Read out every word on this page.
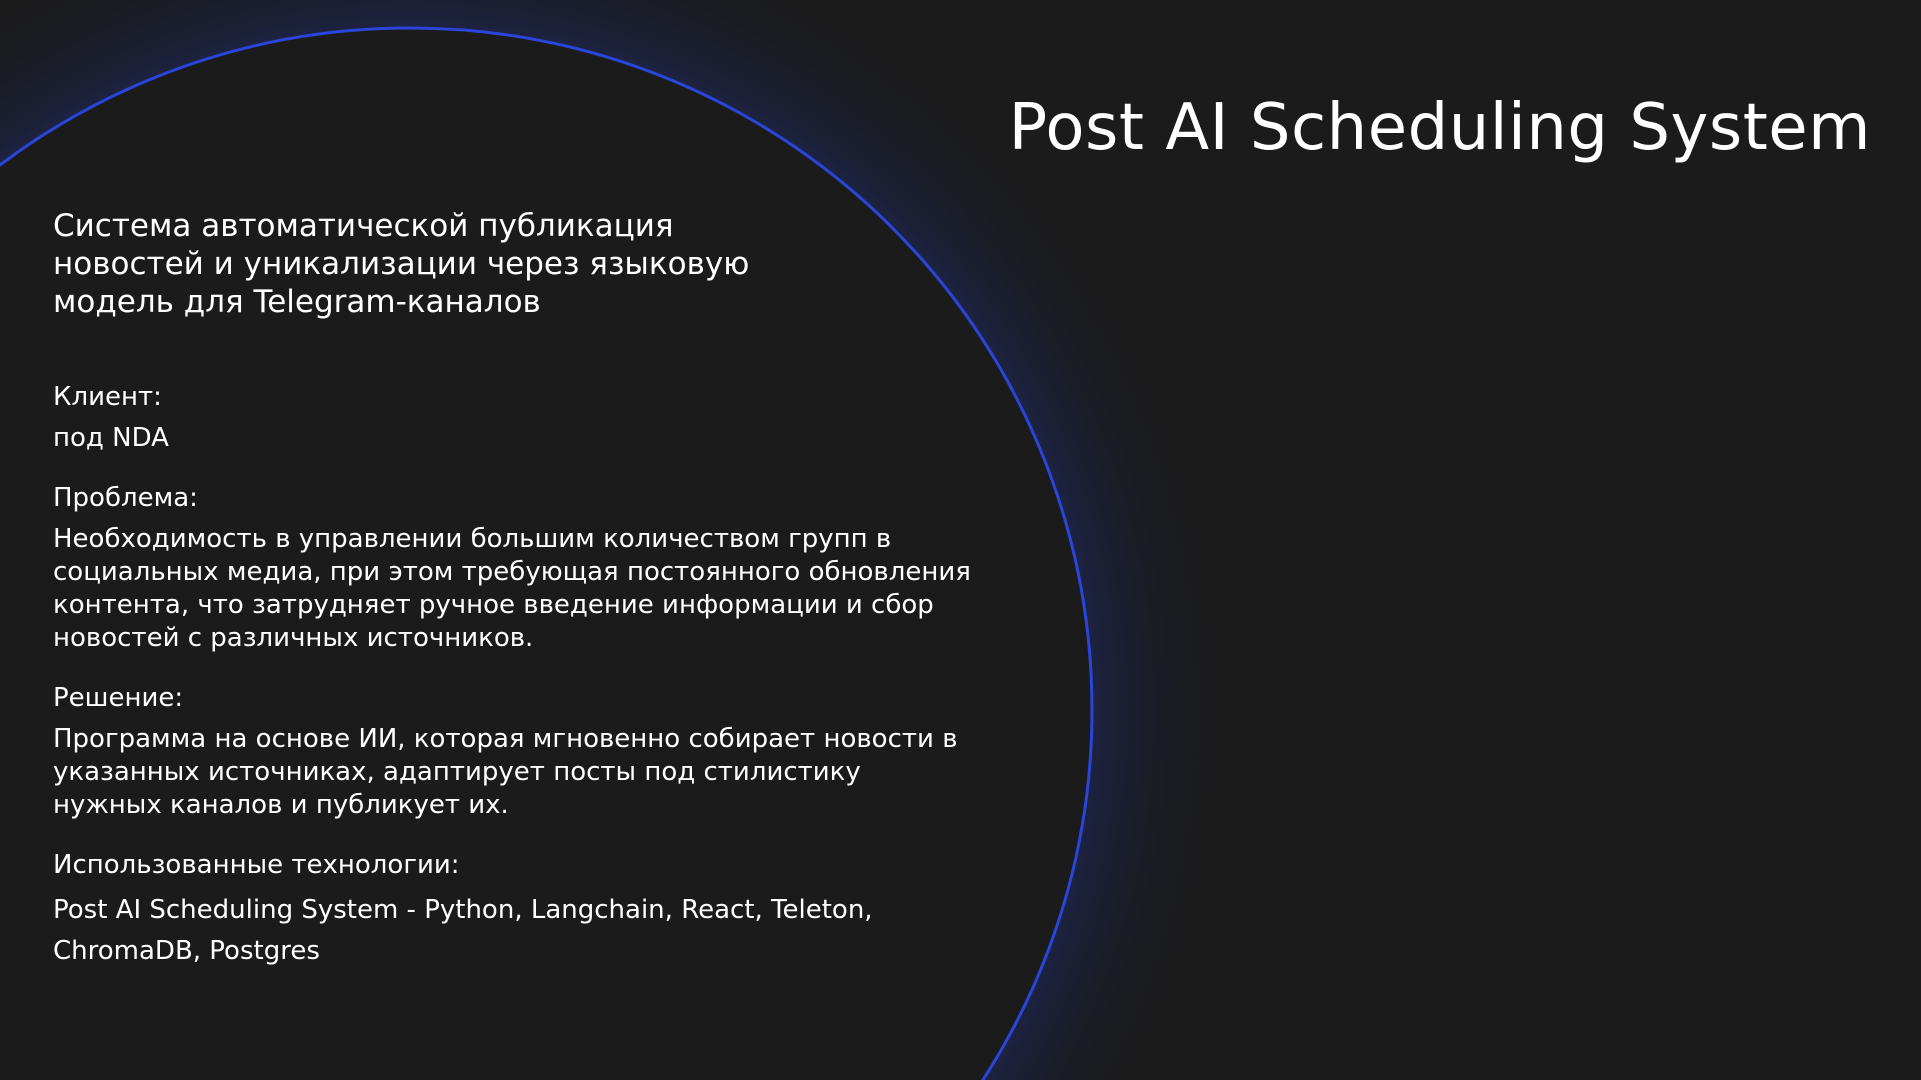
Post AI Scheduling System
Система автоматической публикация новостей и уникализации через языковую модель для Telegram-каналов

Клиент:

под NDA

Проблема:

Необходимость в управлении большим количеством групп в социальных медиа, при этом требующая постоянного обновления контента, что затрудняет ручное введение информации и сбор новостей с различных источников.

Решение:

Программа на основе ИИ, которая мгновенно собирает новости в указанных источниках, адаптирует посты под стилистику нужных каналов и публикует их.

Использованные технологии:

Post AI Scheduling System - Python, Langchain, React, Teleton, ChromaDB, Postgres
